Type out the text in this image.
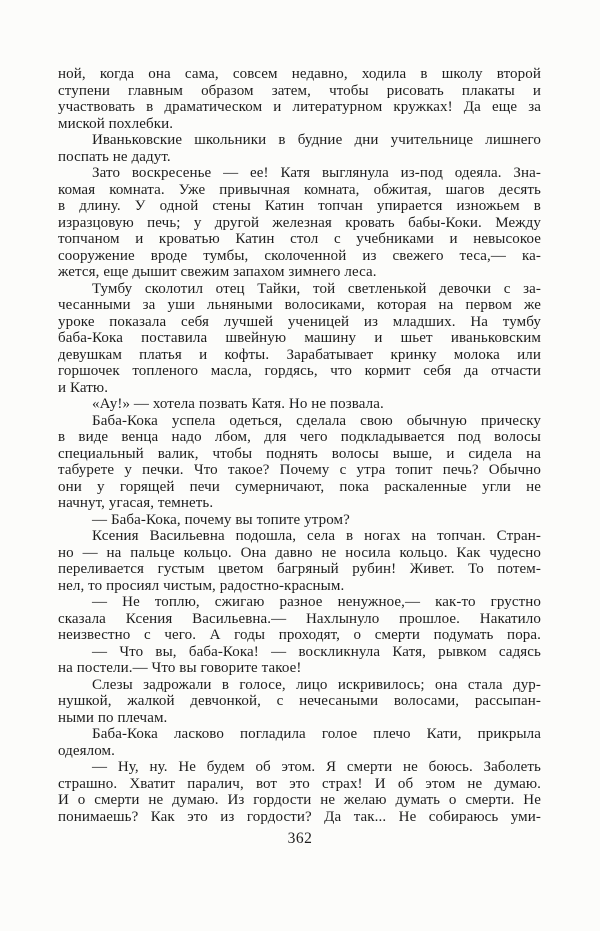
ной, когда она сама, совсем недавно, ходила в школу второй
ступени главным образом затем, чтобы рисовать плакаты и
участвовать в драматическом и литературном кружках! Да еще за
миской похлебки.

Иваньковские школьники в будние дни учительнице лишнего
поспать не дадут.

Зато воскресенье — ее! Катя выглянула из-под одеяла. Зна-
комая комната. Уже привычная комната, обжитая, шагов десять
в длину. У одной стены Катин топчан упирается изножьем в
изразцовую печь; у другой железная кровать бабы-Коки. Между
топчаном и кроватью Катин стол с учебниками и невысокое
сооружение вроде тумбы, сколоченной из свежего теса,— ка-
жется, еще дышит свежим запахом зимнего леса.

Тумбу сколотил отец Тайки, той светленькой девочки с за-
чесанными за уши льняными волосиками, которая на первом же
уроке показала себя лучшей ученицей из младших. На тумбу
баба-Кока поставила швейную машину и шьет иваньковским
девушкам платья и кофты. Зарабатывает кринку молока или
горшочек топленого масла, гордясь, что кормит себя да отчасти
и Катю.

«Ау!» — хотела позвать Катя. Но не позвала.

Баба-Кока успела одеться, сделала свою обычную прическу
в виде венца надо лбом, для чего подкладывается под волосы
специальный валик, чтобы поднять волосы выше, и сидела на
табурете у печки. Что такое? Почему с утра топит печь? Обычно
они у горящей печи сумерничают, пока раскаленные угли не
начнут, угасая, темнеть.

— Баба-Кока, почему вы топите утром?

Ксения Васильевна подошла, села в ногах на топчан. Стран-
но — на пальце кольцо. Она давно не носила кольцо. Как чудесно
переливается густым цветом багряный рубин! Живет. То потем-
нел, то просиял чистым, радостно-красным.

— Не топлю, сжигаю разное ненужное,— как-то грустно
сказала Ксения Васильевна.— Нахлынуло прошлое. Накатило
неизвестно с чего. А годы проходят, о смерти подумать пора.

— Что вы, баба-Кока! — воскликнула Катя, рывком садясь
на постели.— Что вы говорите такое!

Слезы задрожали в голосе, лицо искривилось; она стала дур-
нушкой, жалкой девчонкой, с нечесаными волосами, рассыпан-
ными по плечам.

Баба-Кока ласково погладила голое плечо Кати, прикрыла
одеялом.

— Ну, ну. Не будем об этом. Я смерти не боюсь. Заболеть
страшно. Хватит паралич, вот это страх! И об этом не думаю.
И о смерти не думаю. Из гордости не желаю думать о смерти. Не
понимаешь? Как это из гордости? Да так... Не собираюсь уми-

362
